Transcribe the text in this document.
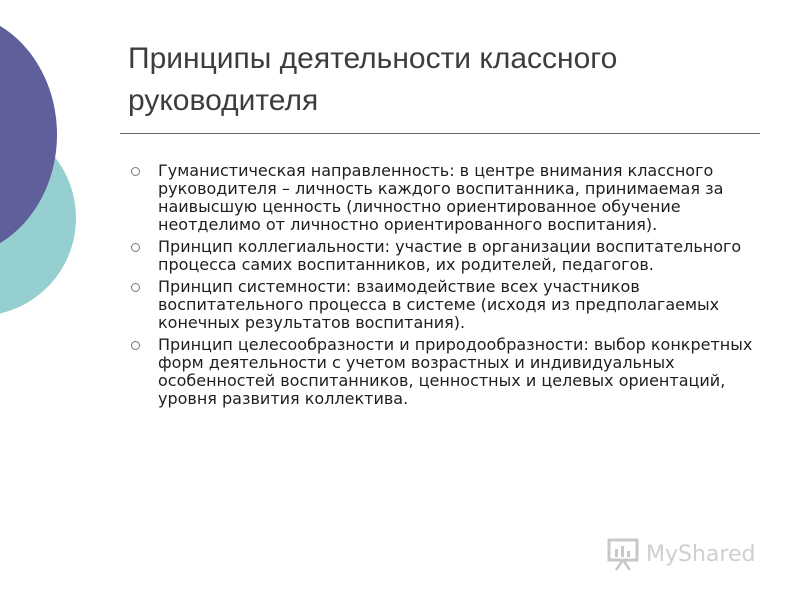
Принципы деятельности классного руководителя
Гуманистическая направленность: в центре внимания классного руководителя – личность каждого воспитанника, принимаемая за наивысшую ценность (личностно ориентированное обучение неотделимо от личностно ориентированного воспитания).
Принцип коллегиальности: участие в организации воспитательного процесса самих воспитанников, их родителей, педагогов.
Принцип системности: взаимодействие всех участников воспитательного процесса в системе (исходя из предполагаемых конечных результатов воспитания).
Принцип целесообразности и природообразности: выбор конкретных форм деятельности с учетом возрастных и индивидуальных особенностей воспитанников, ценностных и целевых ориентаций, уровня развития коллектива.
MyShared
